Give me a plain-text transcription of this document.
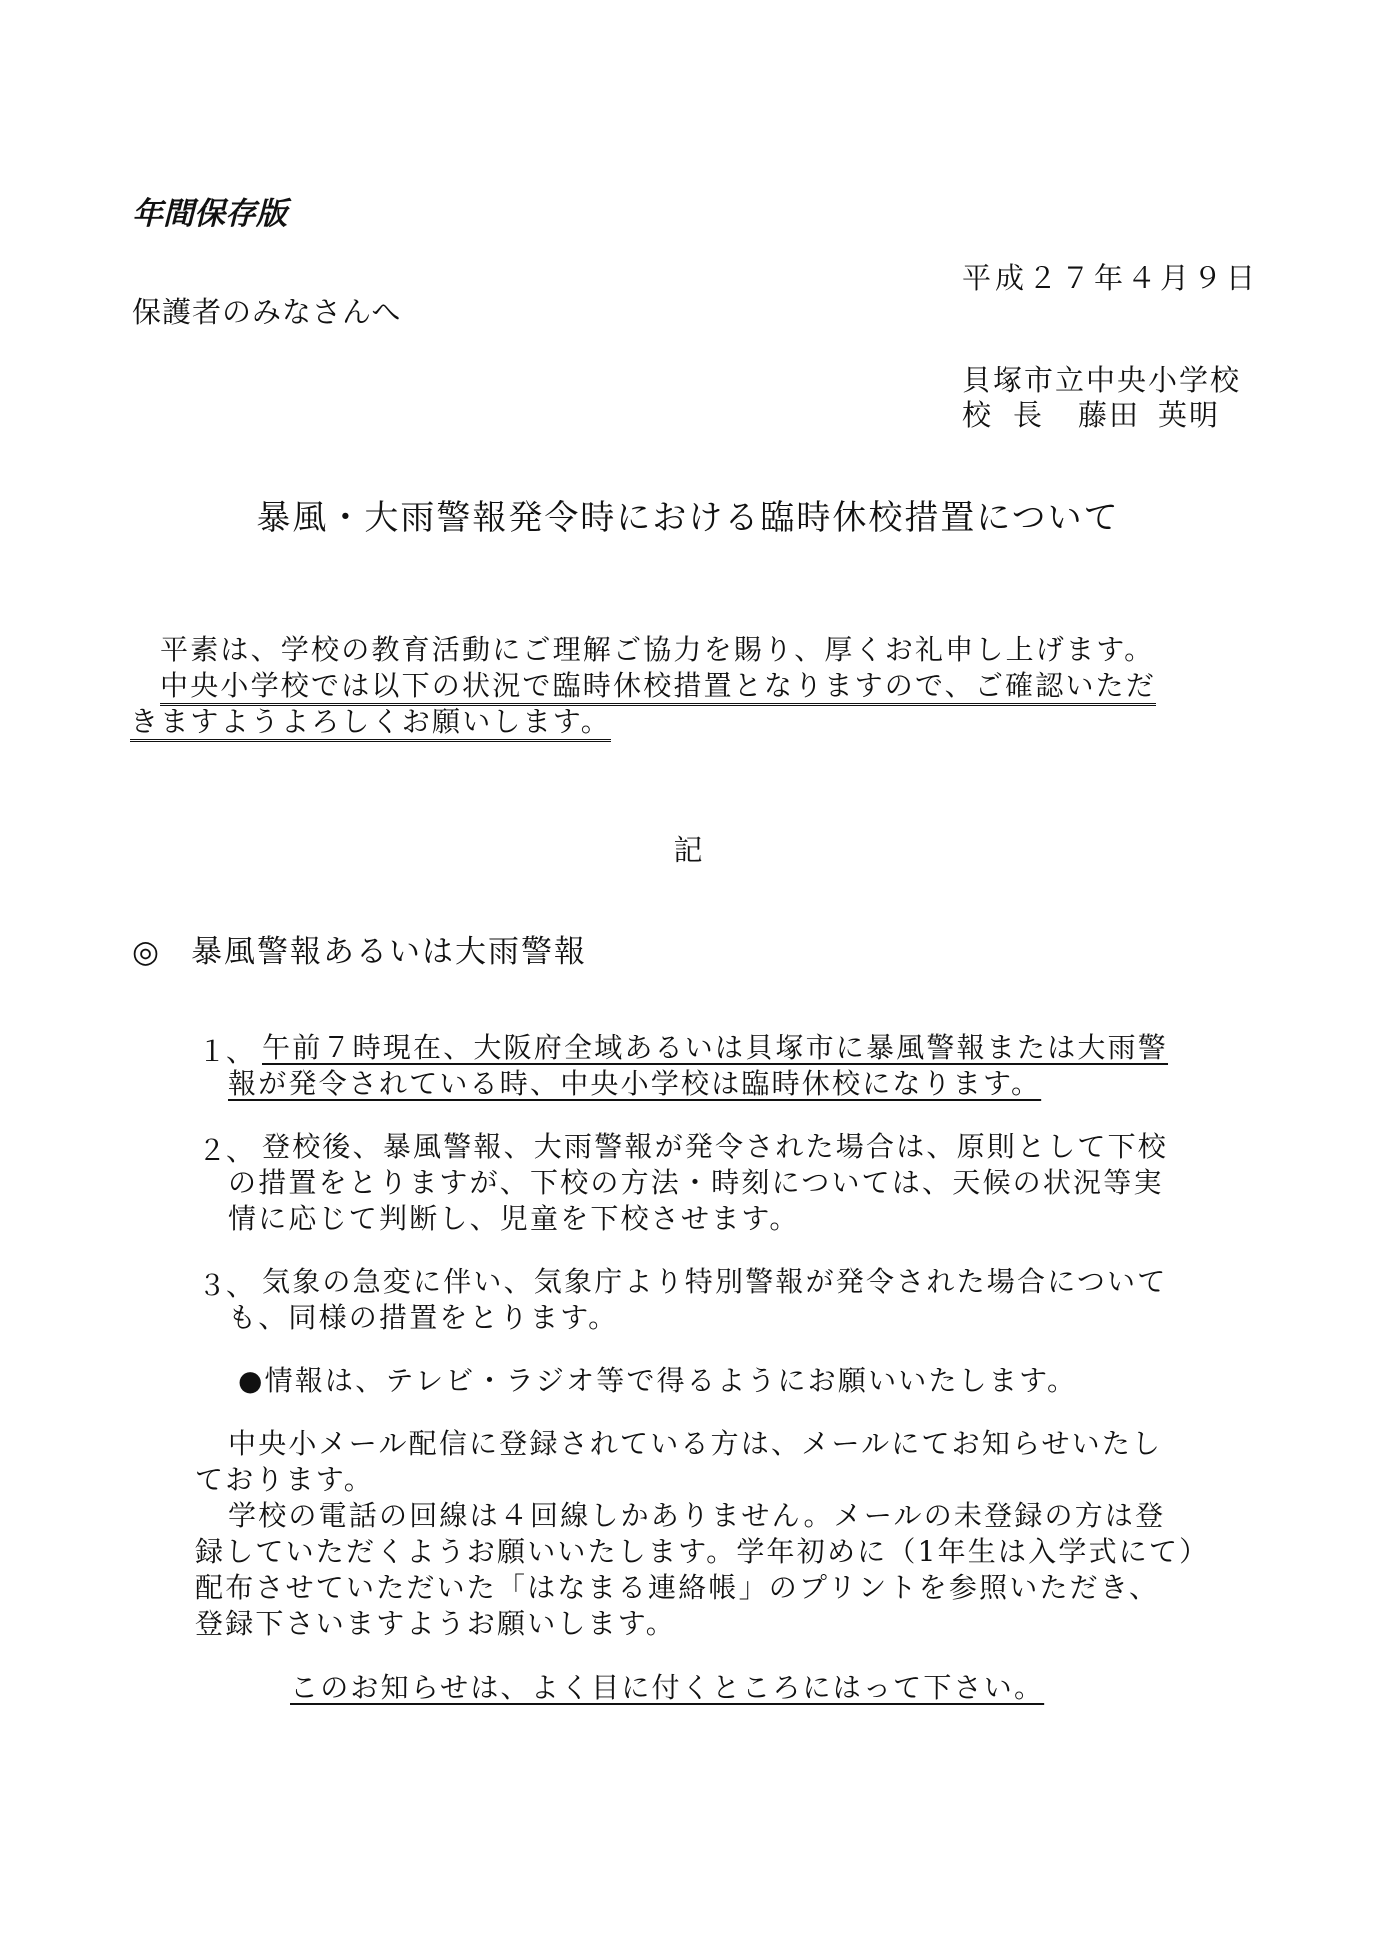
年間保存版
平成２７年４月９日
保護者のみなさんへ
貝塚市立中央小学校
校長 藤田 英明
暴風・大雨警報発令時における臨時休校措置について
平素は、学校の教育活動にご理解ご協力を賜り、厚くお礼申し上げます。
中央小学校では以下の状況で臨時休校措置となりますので、ご確認いただ
きますようよろしくお願いします。
記
◎ 暴風警報あるいは大雨警報
１、 午前７時現在、大阪府全域あるいは貝塚市に暴風警報または大雨警
報が発令されている時、中央小学校は臨時休校になります。
２、 登校後、暴風警報、大雨警報が発令された場合は、原則として下校
の措置をとりますが、下校の方法・時刻については、天候の状況等実
情に応じて判断し、児童を下校させます。
３、 気象の急変に伴い、気象庁より特別警報が発令された場合について
も、同様の措置をとります。
●情報は、テレビ・ラジオ等で得るようにお願いいたします。
中央小メール配信に登録されている方は、メールにてお知らせいたし
ております。
学校の電話の回線は４回線しかありません。メールの未登録の方は登
録していただくようお願いいたします。学年初めに（1年生は入学式にて）
配布させていただいた「はなまる連絡帳」のプリントを参照いただき、
登録下さいますようお願いします。
このお知らせは、よく目に付くところにはって下さい。
